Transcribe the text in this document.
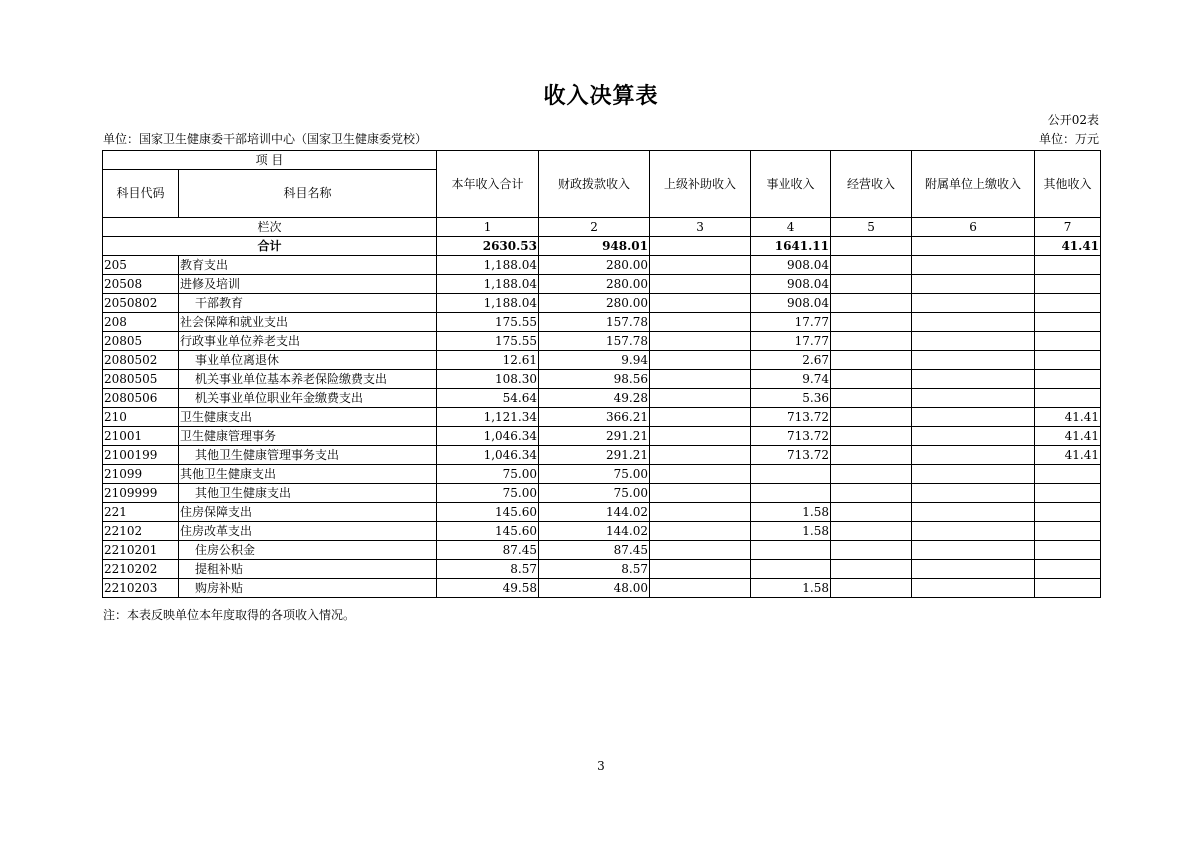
收入决算表
公开02表
单位：国家卫生健康委干部培训中心（国家卫生健康委党校）	单位：万元
项 目		本年收入合计	财政拨款收入	上级补助收入	事业收入	经营收入	附属单位上缴收入	其他收入
科目代码	科目名称							
栏次		1	2	3	4	5	6	7
合计		2630.53	948.01		1641.11			41.41
205	教育支出	1,188.04	280.00		908.04			
20508	进修及培训	1,188.04	280.00		908.04			
2050802	干部教育	1,188.04	280.00		908.04			
208	社会保障和就业支出	175.55	157.78		17.77			
20805	行政事业单位养老支出	175.55	157.78		17.77			
2080502	事业单位离退休	12.61	9.94		2.67			
2080505	机关事业单位基本养老保险缴费支出	108.30	98.56		9.74			
2080506	机关事业单位职业年金缴费支出	54.64	49.28		5.36			
210	卫生健康支出	1,121.34	366.21		713.72			41.41
21001	卫生健康管理事务	1,046.34	291.21		713.72			41.41
2100199	其他卫生健康管理事务支出	1,046.34	291.21		713.72			41.41
21099	其他卫生健康支出	75.00	75.00					
2109999	其他卫生健康支出	75.00	75.00					
221	住房保障支出	145.60	144.02		1.58			
22102	住房改革支出	145.60	144.02		1.58			
2210201	住房公积金	87.45	87.45					
2210202	提租补贴	8.57	8.57					
2210203	购房补贴	49.58	48.00		1.58			
注：本表反映单位本年度取得的各项收入情况。
3
